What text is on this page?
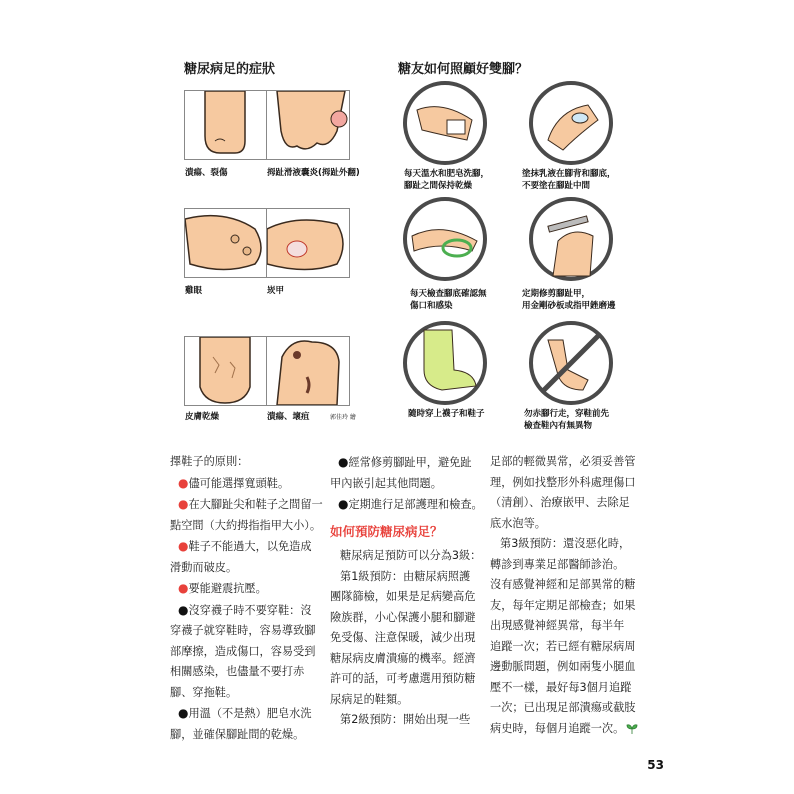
糖尿病足的症狀	糖友如何照顧好雙腳？
潰瘍、裂傷	拇趾滑液囊炎(拇趾外翻)
雞眼	崁甲
皮膚乾燥	潰瘍、壞疽	郭佳玲 繪
每天溫水和肥皂洗腳，
腳趾之間保持乾燥
塗抹乳液在腳背和腳底，
不要塗在腳趾中間
每天檢查腳底確認無
傷口和感染
定期修剪腳趾甲，
用金剛砂板或指甲銼磨邊
隨時穿上襪子和鞋子	勿赤腳行走，穿鞋前先
檢查鞋內有無異物

擇鞋子的原則：

●儘可能選擇寬頭鞋。

●在大腳趾尖和鞋子之間留一

點空間（大約拇指指甲大小）。

●鞋子不能過大，以免造成

滑動而破皮。

●要能避震抗壓。

●沒穿襪子時不要穿鞋：沒

穿襪子就穿鞋時，容易導致腳

部摩擦，造成傷口，容易受到

相關感染，也儘量不要打赤

腳、穿拖鞋。

●用溫（不是熱）肥皂水洗

腳，並確保腳趾間的乾燥。

●經常修剪腳趾甲，避免趾

甲內嵌引起其他問題。

●定期進行足部護理和檢查。

如何預防糖尿病足？

糖尿病足預防可以分為3級：

第1級預防：由糖尿病照護

團隊篩檢，如果是足病變高危

險族群，小心保護小腿和腳避

免受傷、注意保暖，減少出現

糖尿病皮膚潰瘍的機率。經濟

許可的話，可考慮選用預防糖

尿病足的鞋類。

第2級預防：開始出現一些

足部的輕微異常，必須妥善管

理，例如找整形外科處理傷口

（清創）、治療嵌甲、去除足

底水泡等。

第3級預防：還沒惡化時，

轉診到專業足部醫師診治。

沒有感覺神經和足部異常的糖

友，每年定期足部檢查；如果

出現感覺神經異常，每半年

追蹤一次；若已經有糖尿病周

邊動脈問題，例如兩隻小腿血

壓不一樣，最好每3個月追蹤

一次；已出現足部潰瘍或截肢

病史時，每個月追蹤一次。

53
